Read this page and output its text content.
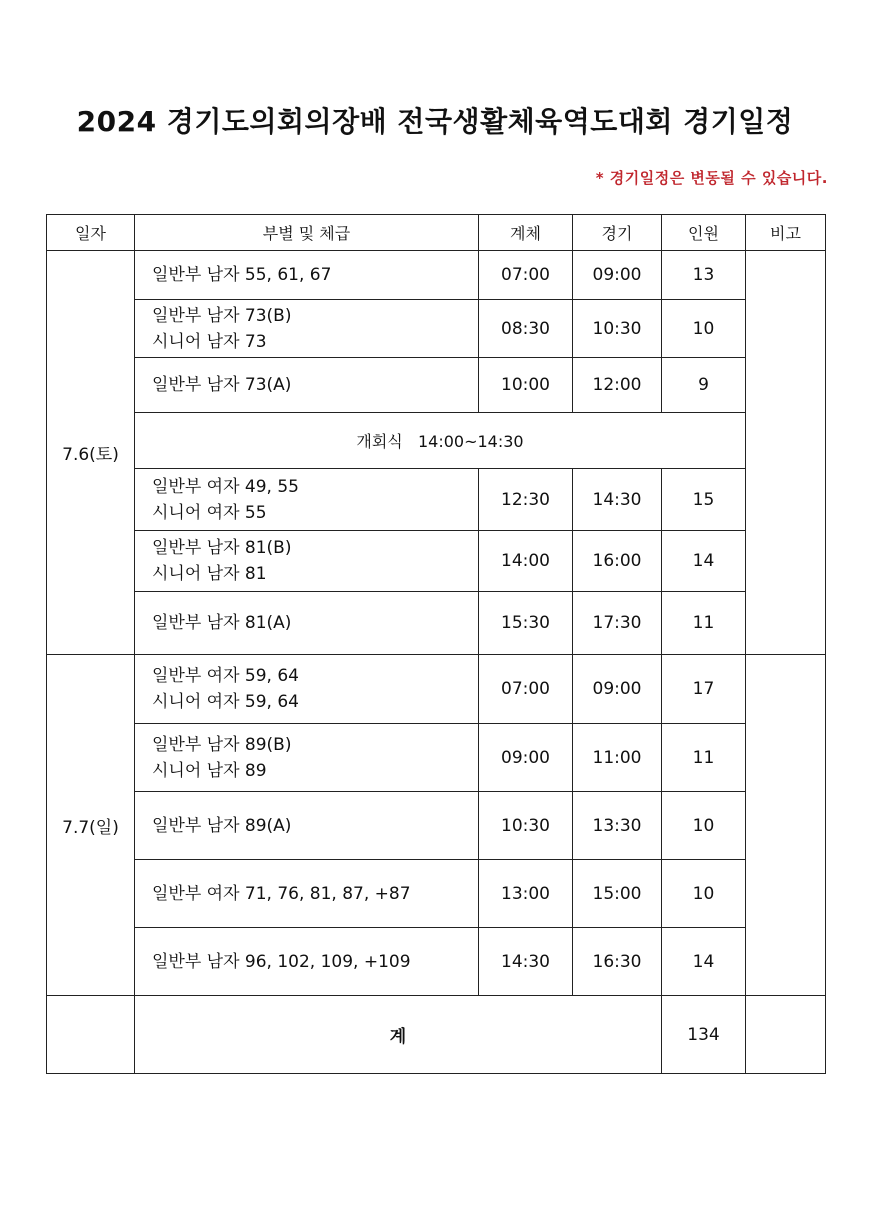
2024 경기도의회의장배 전국생활체육역도대회 경기일정
* 경기일정은 변동될 수 있습니다.
일자	부별 및 체급	계체	경기	인원	비고
7.6(토)	일반부 남자 55, 61, 67	07:00	09:00	13	

	일반부 남자 73(B)
시니어 남자 73	08:30	10:30	10	

	일반부 남자 73(A)	10:00	12:00	9	
	개회식   14:00~14:30				

	일반부 여자 49, 55
시니어 여자 55	12:30	14:30	15	

	일반부 남자 81(B)
시니어 남자 81	14:00	16:00	14	

	일반부 남자 81(A)	15:30	17:30	11	
7.7(일)	일반부 여자 59, 64
시니어 여자 59, 64	07:00	09:00	17	

	일반부 남자 89(B)
시니어 남자 89	09:00	11:00	11	

	일반부 남자 89(A)	10:30	13:30	10	

	일반부 여자 71, 76, 81, 87, +87	13:00	15:00	10	

	일반부 남자 96, 102, 109, +109	14:30	16:30	14	
	계			134	
